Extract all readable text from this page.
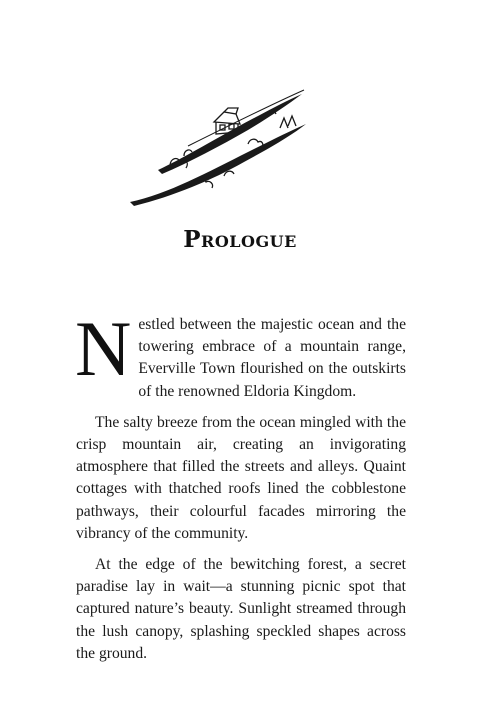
Prologue

Nestled between the majestic ocean and the towering embrace of a mountain range, Everville Town flourished on the outskirts of the renowned Eldoria Kingdom.

The salty breeze from the ocean mingled with the crisp mountain air, creating an invigorating atmosphere that filled the streets and alleys. Quaint cottages with thatched roofs lined the cobblestone pathways, their colourful facades mirroring the vibrancy of the community.

At the edge of the bewitching forest, a secret paradise lay in wait—a stunning picnic spot that captured nature’s beauty. Sunlight streamed through the lush canopy, splashing speckled shapes across the ground.
